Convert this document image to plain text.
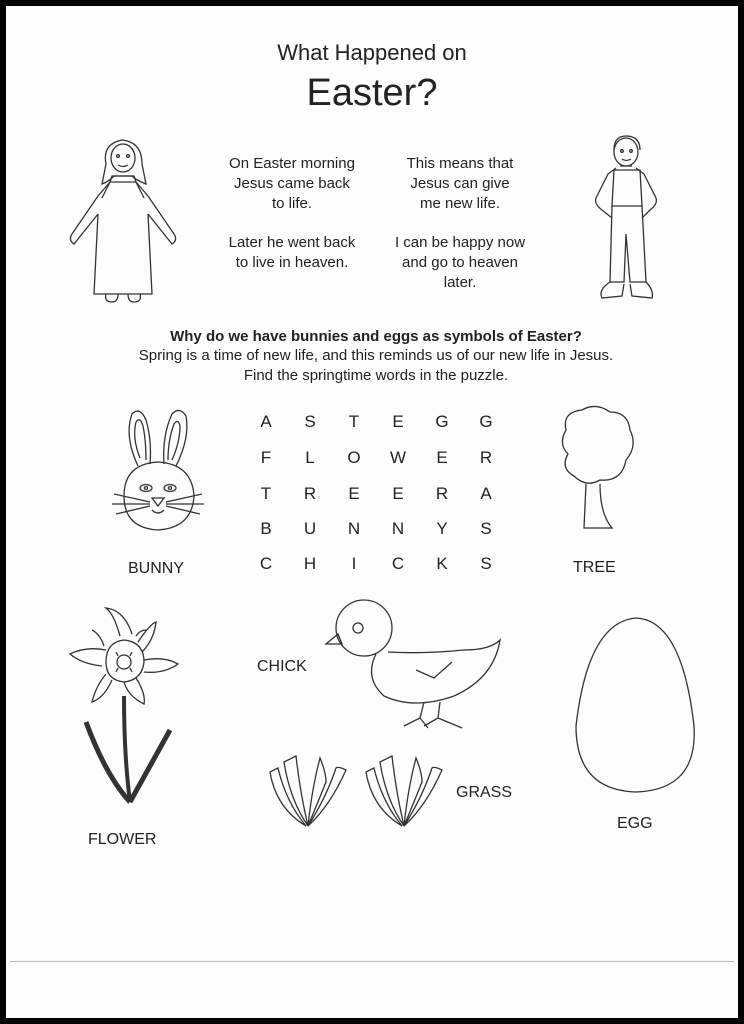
What Happened on
Easter?
On Easter morning
Jesus came back
to life.
Later he went back
to live in heaven.
This means that
Jesus can give
me new life.
I can be happy now
and go to heaven
later.
Why do we have bunnies and eggs as symbols of Easter?
Spring is a time of new life, and this reminds us of our new life in Jesus.
Find the springtime words in the puzzle.
A	S	T	E	G	G
F	L	O	W	E	R
T	R	E	E	R	A
B	U	N	N	Y	S
C	H	I	C	K	S
BUNNY	TREE
FLOWER
CHICK
EGG
GRASS
